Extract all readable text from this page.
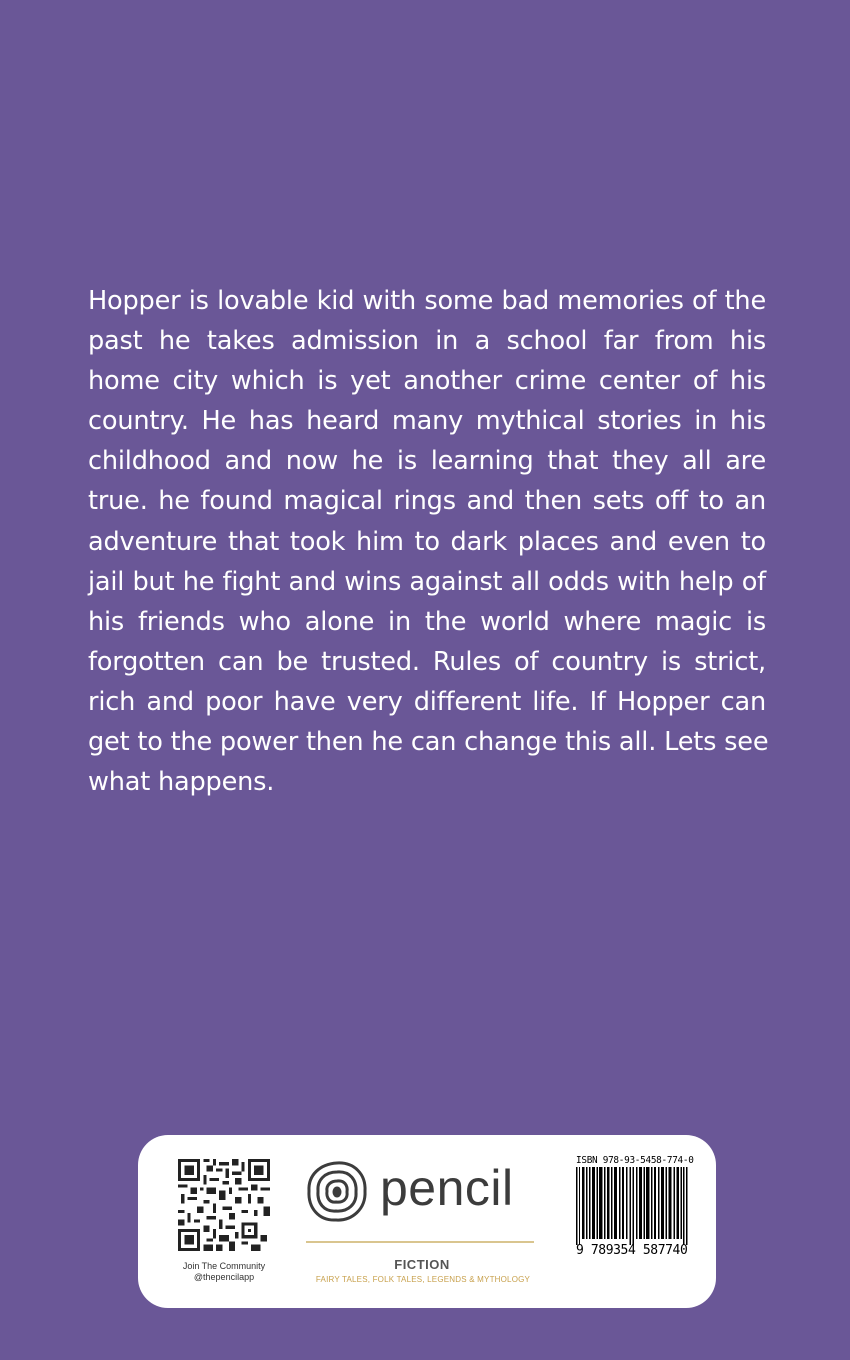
Hopper is lovable kid with some bad memories of the
past he takes admission in a school far from his
home city which is yet another crime center of his
country. He has heard many mythical stories in his
childhood and now he is learning that they all are
true. he found magical rings and then sets off to an
adventure that took him to dark places and even to
jail but he fight and wins against all odds with help of
his friends who alone in the world where magic is
forgotten can be trusted. Rules of country is strict,
rich and poor have very different life. If Hopper can
get to the power then he can change this all. Lets see
what happens.
Join The Community
@thepencilapp
pencil
FICTION
FAIRY TALES, FOLK TALES, LEGENDS & MYTHOLOGY
ISBN 978-93-5458-774-0
9 789354 587740
